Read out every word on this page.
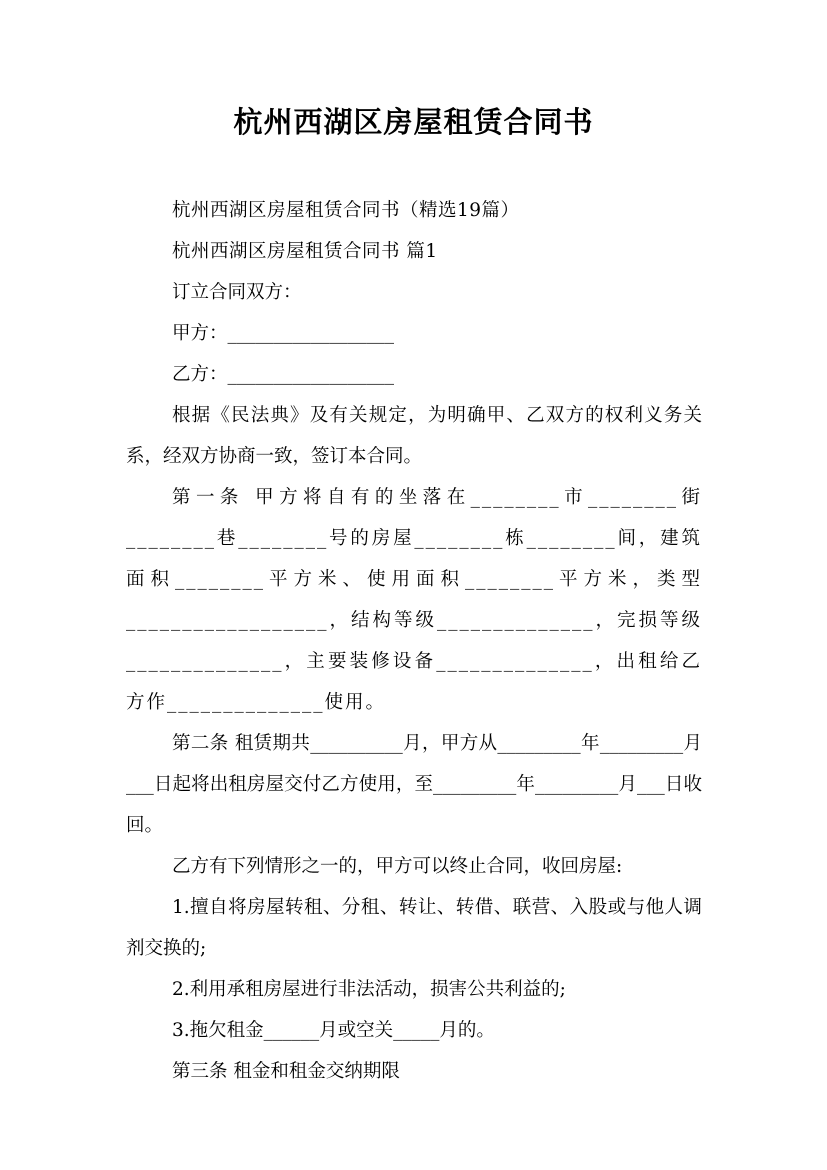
杭州西湖区房屋租赁合同书

杭州西湖区房屋租赁合同书（精选19篇）

杭州西湖区房屋租赁合同书 篇1

订立合同双方：

甲方：__________________

乙方：__________________

根据《民法典》及有关规定，为明确甲、乙双方的权利义务关系，经双方协商一致，签订本合同。

第一条 甲方将自有的坐落在________市________街________巷________号的房屋________栋________间，建筑面积________平方米、使用面积________平方米，类型__________________，结构等级______________，完损等级______________，主要装修设备______________，出租给乙方作______________使用。

第二条 租赁期共__________月，甲方从_________年_________月___日起将出租房屋交付乙方使用，至_________年_________月___日收回。

乙方有下列情形之一的，甲方可以终止合同，收回房屋:

1.擅自将房屋转租、分租、转让、转借、联营、入股或与他人调剂交换的;

2.利用承租房屋进行非法活动，损害公共利益的;

3.拖欠租金______月或空关_____月的。

第三条 租金和租金交纳期限
